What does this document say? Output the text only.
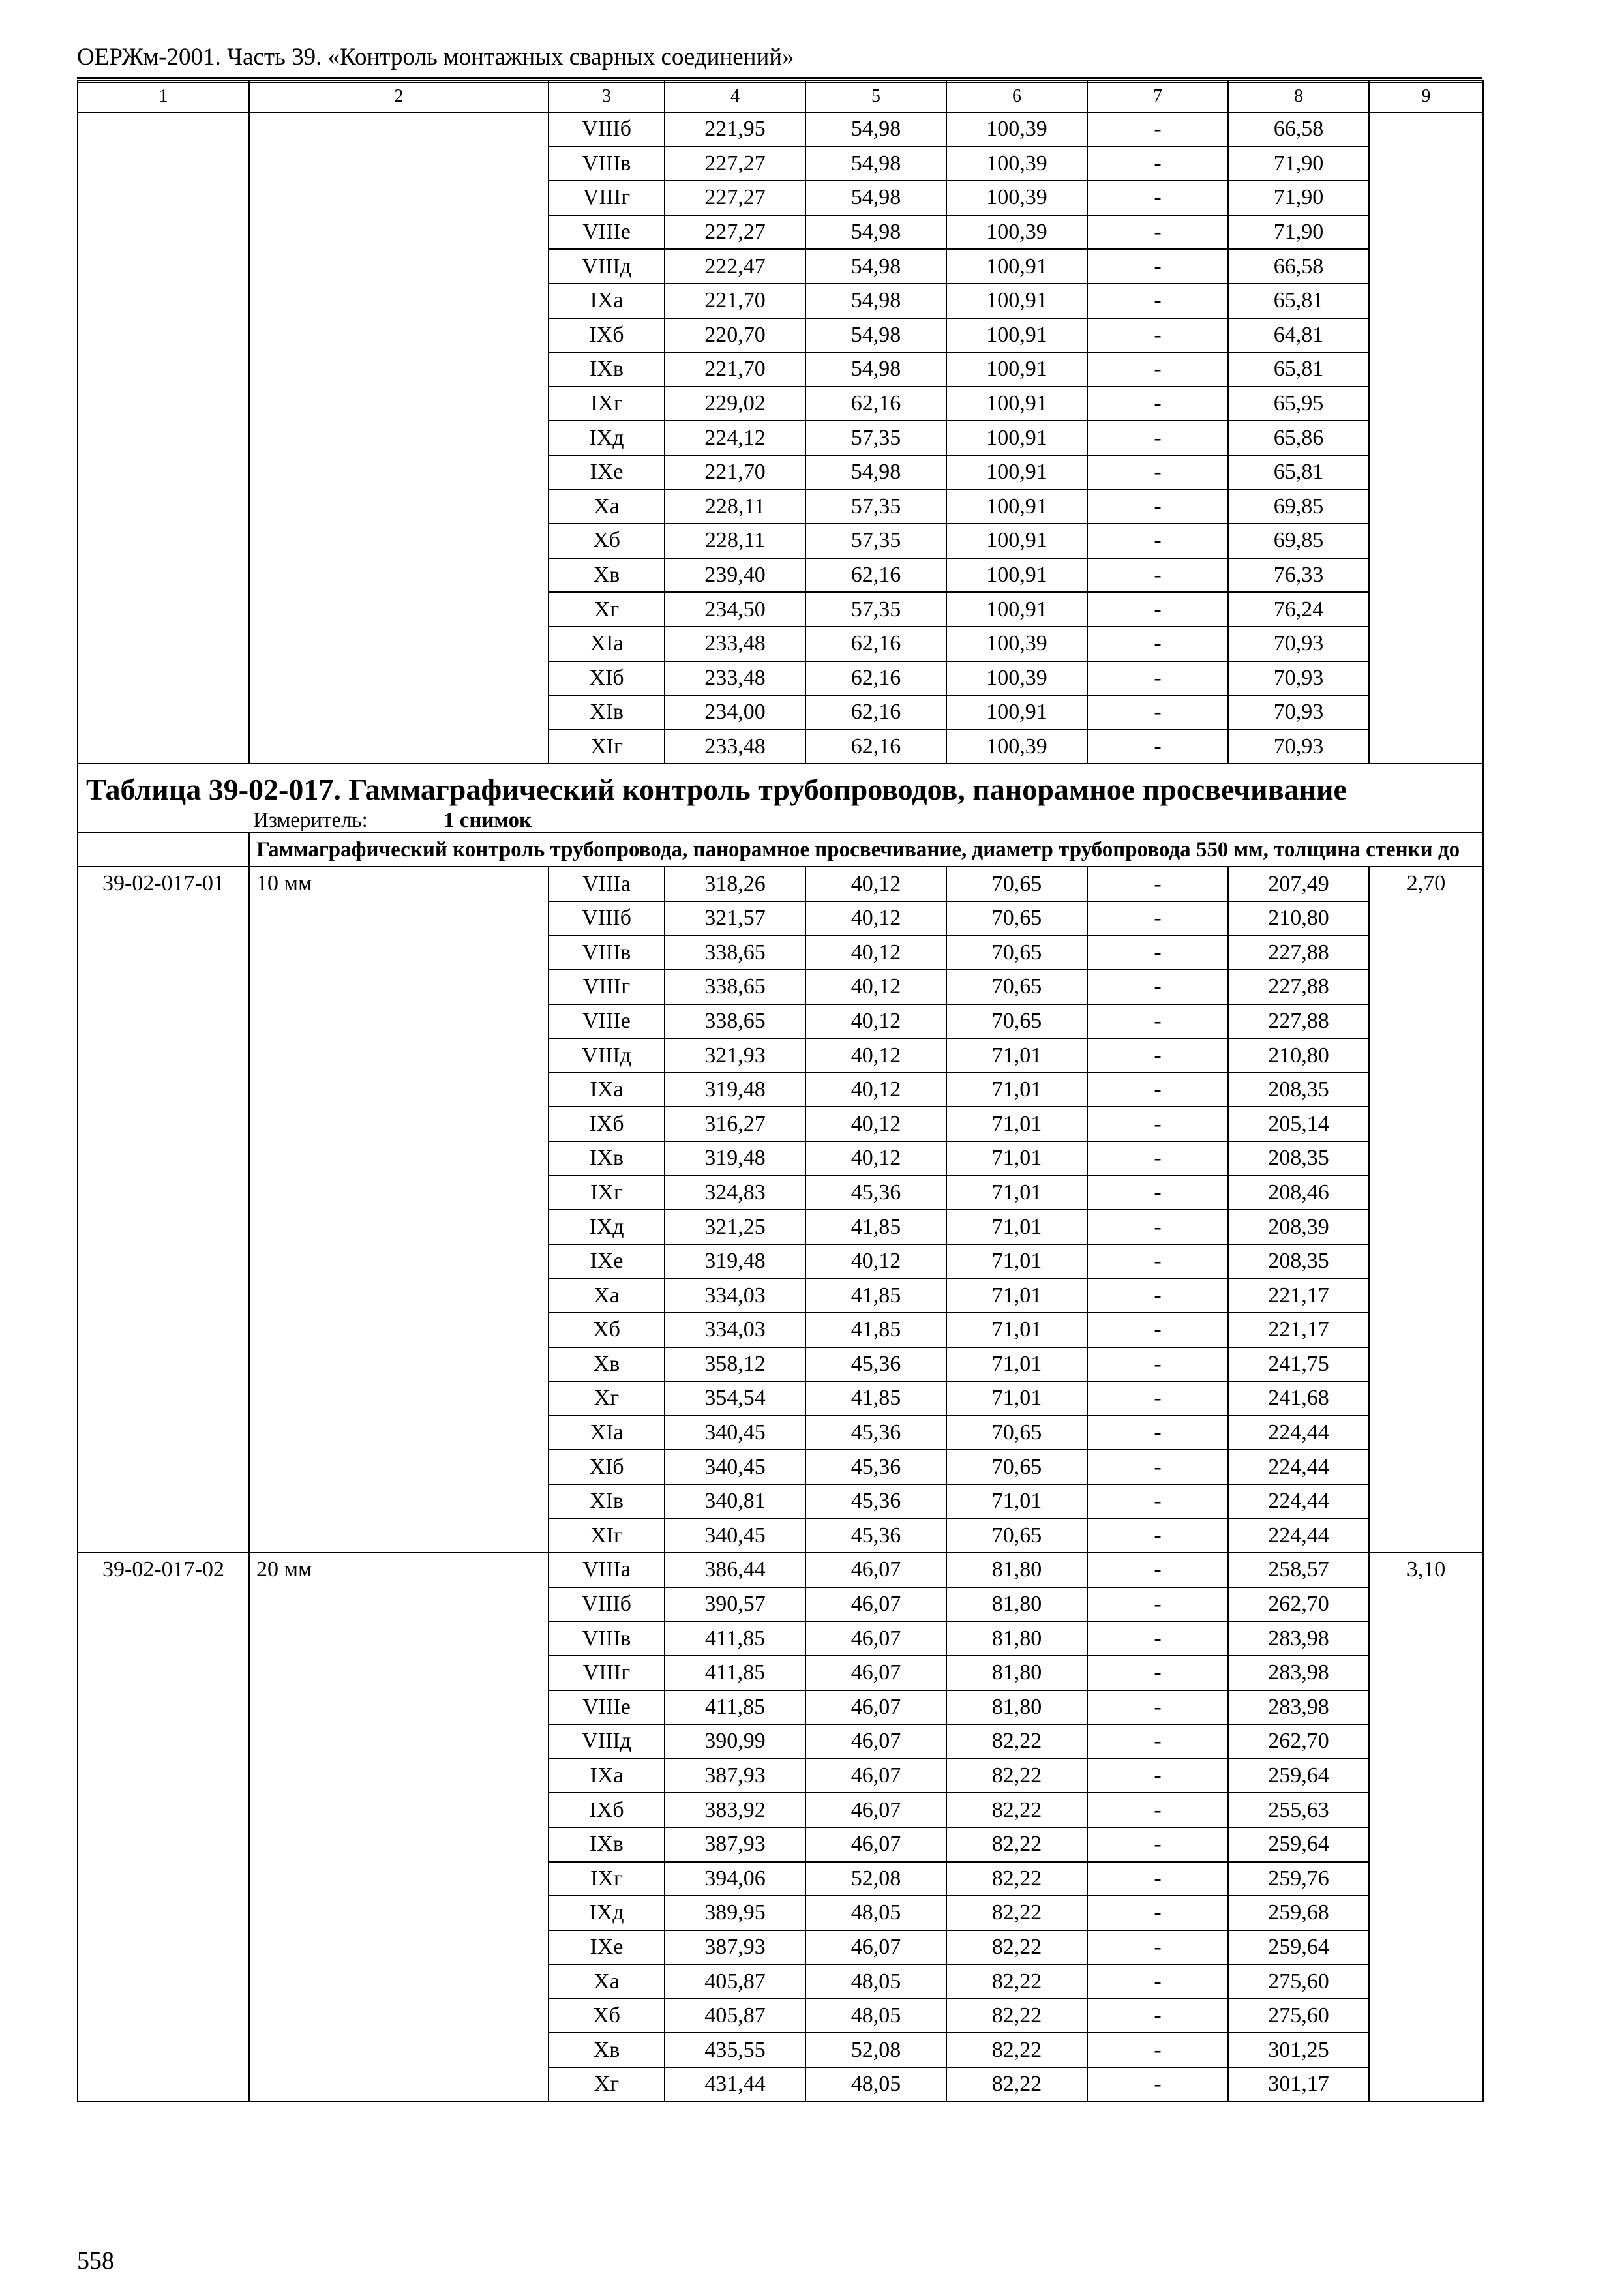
ОЕРЖм-2001. Часть 39. «Контроль монтажных сварных соединений»
1	2	3	4	5	6	7	8	9
		VIIIб	221,95	54,98	100,39	-	66,58	
		VIIIв	227,27	54,98	100,39	-	71,90	
		VIIIг	227,27	54,98	100,39	-	71,90	
		VIIIе	227,27	54,98	100,39	-	71,90	
		VIIIд	222,47	54,98	100,91	-	66,58	
		IXа	221,70	54,98	100,91	-	65,81	
		IXб	220,70	54,98	100,91	-	64,81	
		IXв	221,70	54,98	100,91	-	65,81	
		IXг	229,02	62,16	100,91	-	65,95	
		IXд	224,12	57,35	100,91	-	65,86	
		IXе	221,70	54,98	100,91	-	65,81	
		Xа	228,11	57,35	100,91	-	69,85	
		Xб	228,11	57,35	100,91	-	69,85	
		Xв	239,40	62,16	100,91	-	76,33	
		Xг	234,50	57,35	100,91	-	76,24	
		XIа	233,48	62,16	100,39	-	70,93	
		XIб	233,48	62,16	100,39	-	70,93	
		XIв	234,00	62,16	100,91	-	70,93	
		XIг	233,48	62,16	100,39	-	70,93	
Таблица 39-02-017. Гаммаграфический контроль трубопроводов, панорамное просвечивание								
Измеритель: 1 снимок								
	Гаммаграфический контроль трубопровода, панорамное просвечивание, диаметр трубопровода 550 мм, толщина стенки до							
39-02-017-01	10 мм	VIIIа	318,26	40,12	70,65	-	207,49	2,70
		VIIIб	321,57	40,12	70,65	-	210,80	
		VIIIв	338,65	40,12	70,65	-	227,88	
		VIIIг	338,65	40,12	70,65	-	227,88	
		VIIIе	338,65	40,12	70,65	-	227,88	
		VIIIд	321,93	40,12	71,01	-	210,80	
		IXа	319,48	40,12	71,01	-	208,35	
		IXб	316,27	40,12	71,01	-	205,14	
		IXв	319,48	40,12	71,01	-	208,35	
		IXг	324,83	45,36	71,01	-	208,46	
		IXд	321,25	41,85	71,01	-	208,39	
		IXе	319,48	40,12	71,01	-	208,35	
		Xа	334,03	41,85	71,01	-	221,17	
		Xб	334,03	41,85	71,01	-	221,17	
		Xв	358,12	45,36	71,01	-	241,75	
		Xг	354,54	41,85	71,01	-	241,68	
		XIа	340,45	45,36	70,65	-	224,44	
		XIб	340,45	45,36	70,65	-	224,44	
		XIв	340,81	45,36	71,01	-	224,44	
		XIг	340,45	45,36	70,65	-	224,44	
39-02-017-02	20 мм	VIIIа	386,44	46,07	81,80	-	258,57	3,10
		VIIIб	390,57	46,07	81,80	-	262,70	
		VIIIв	411,85	46,07	81,80	-	283,98	
		VIIIг	411,85	46,07	81,80	-	283,98	
		VIIIе	411,85	46,07	81,80	-	283,98	
		VIIIд	390,99	46,07	82,22	-	262,70	
		IXа	387,93	46,07	82,22	-	259,64	
		IXб	383,92	46,07	82,22	-	255,63	
		IXв	387,93	46,07	82,22	-	259,64	
		IXг	394,06	52,08	82,22	-	259,76	
		IXд	389,95	48,05	82,22	-	259,68	
		IXе	387,93	46,07	82,22	-	259,64	
		Xа	405,87	48,05	82,22	-	275,60	
		Xб	405,87	48,05	82,22	-	275,60	
		Xв	435,55	52,08	82,22	-	301,25	
		Xг	431,44	48,05	82,22	-	301,17	
558
